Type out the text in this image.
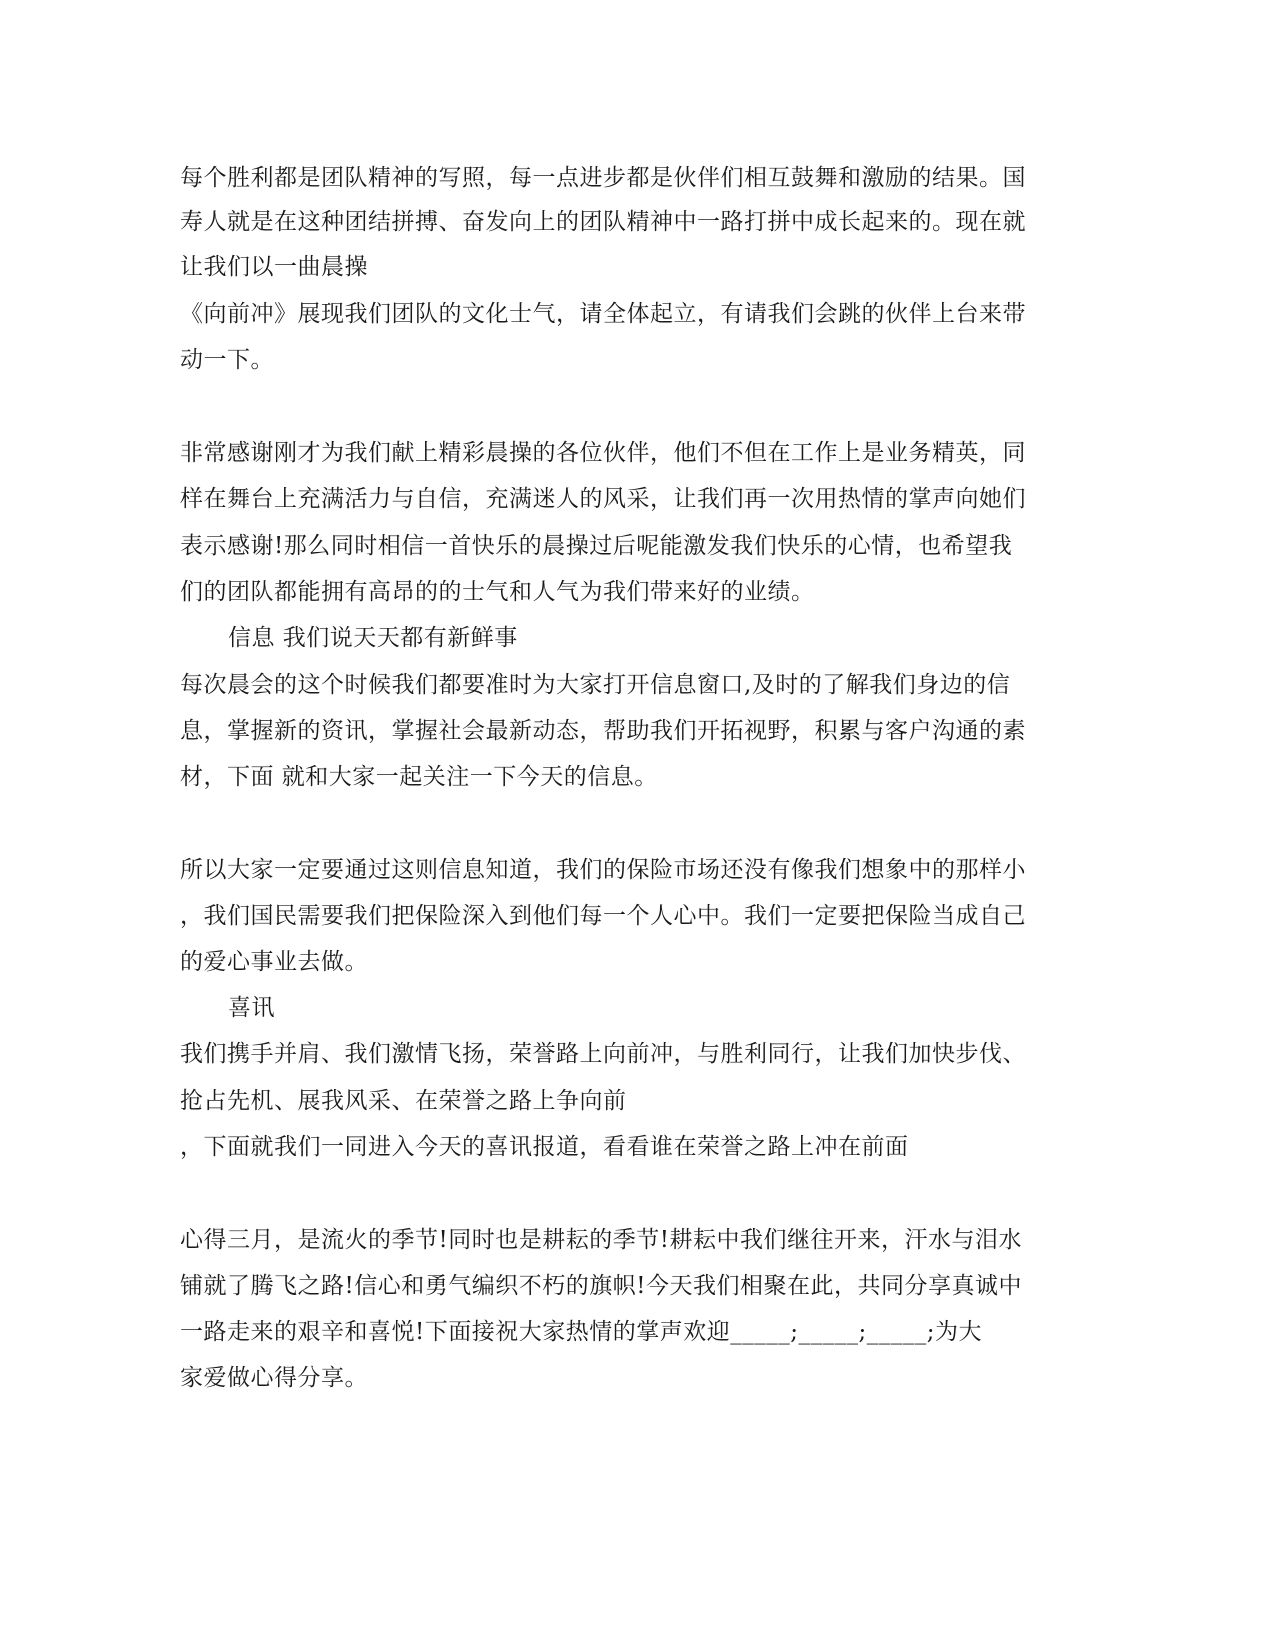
每个胜利都是团队精神的写照，每一点进步都是伙伴们相互鼓舞和激励的结果。国
寿人就是在这种团结拼搏、奋发向上的团队精神中一路打拼中成长起来的。现在就
让我们以一曲晨操
《向前冲》展现我们团队的文化士气，请全体起立，有请我们会跳的伙伴上台来带
动一下。
非常感谢刚才为我们献上精彩晨操的各位伙伴，他们不但在工作上是业务精英，同
样在舞台上充满活力与自信，充满迷人的风采，让我们再一次用热情的掌声向她们
表示感谢!那么同时相信一首快乐的晨操过后呢能激发我们快乐的心情，也希望我
们的团队都能拥有高昂的的士气和人气为我们带来好的业绩。
信息 我们说天天都有新鲜事
每次晨会的这个时候我们都要准时为大家打开信息窗口,及时的了解我们身边的信
息，掌握新的资讯，掌握社会最新动态，帮助我们开拓视野，积累与客户沟通的素
材，下面 就和大家一起关注一下今天的信息。
所以大家一定要通过这则信息知道，我们的保险市场还没有像我们想象中的那样小
，我们国民需要我们把保险深入到他们每一个人心中。我们一定要把保险当成自己
的爱心事业去做。
喜讯
我们携手并肩、我们激情飞扬，荣誉路上向前冲，与胜利同行，让我们加快步伐、
抢占先机、展我风采、在荣誉之路上争向前
，下面就我们一同进入今天的喜讯报道，看看谁在荣誉之路上冲在前面
心得三月，是流火的季节!同时也是耕耘的季节!耕耘中我们继往开来，汗水与泪水
铺就了腾飞之路!信心和勇气编织不朽的旗帜!今天我们相聚在此，共同分享真诚中
一路走来的艰辛和喜悦!下面接祝大家热情的掌声欢迎_____;_____;_____;为大
家爱做心得分享。
